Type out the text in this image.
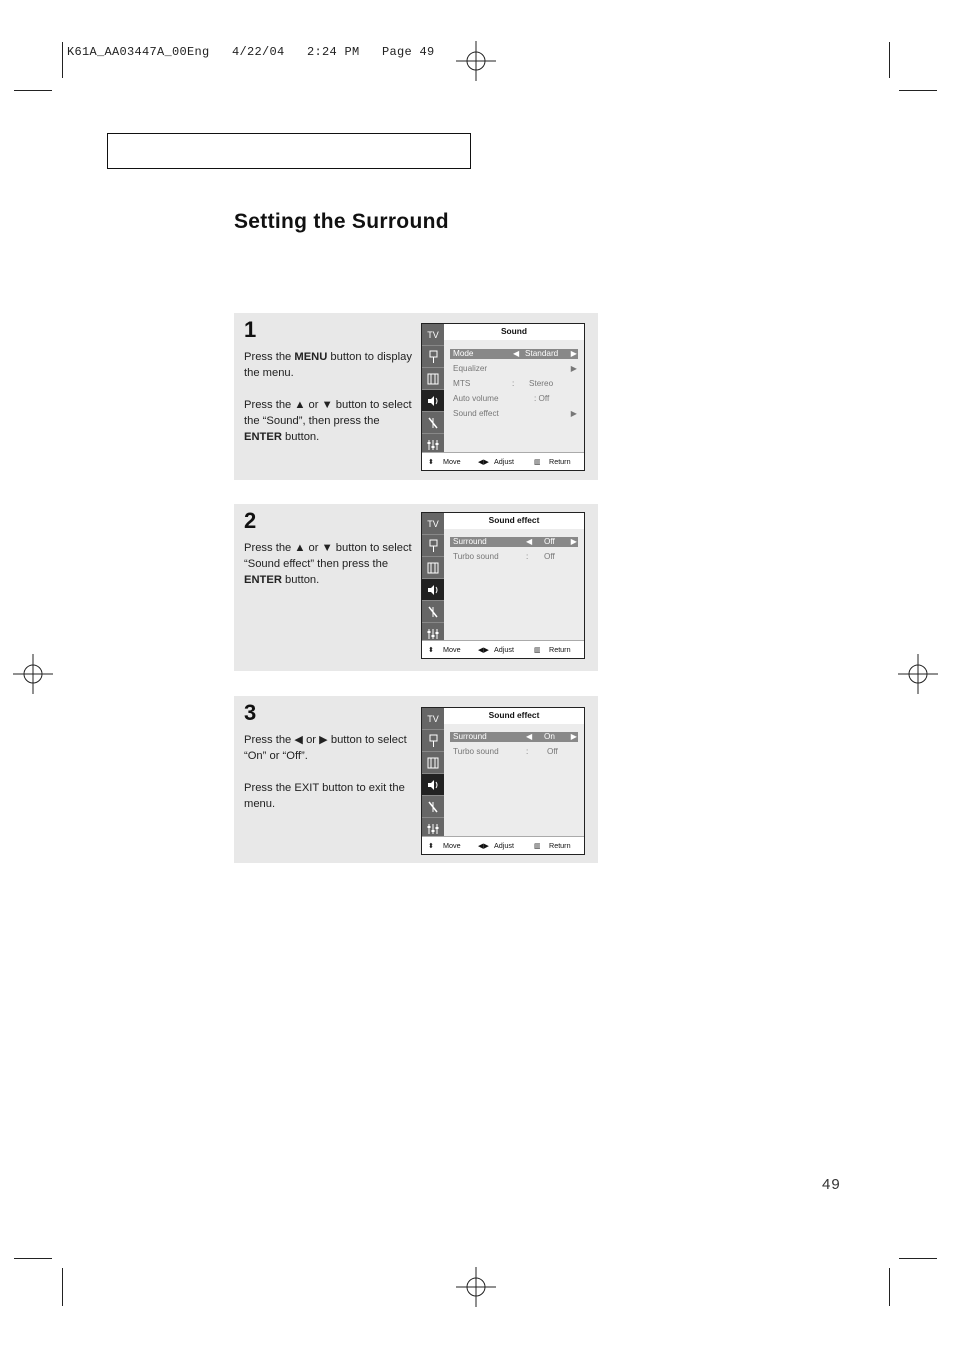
K61A_AA03447A_00Eng   4/22/04   2:24 PM   Page 49
Setting the Surround
1

Press the MENU button to display the menu.

Press the ▲ or ▼ button to select the “Sound”, then press the ENTER button.

TV	Sound
Mode	◀ Standard ▶
Equalizer	▶
MTS	: Stereo
Auto volume	: Off
Sound effect	▶
⬍ Move ◀▶ Adjust	▥ Return
2

Press the ▲ or ▼ button to select “Sound effect” then press the ENTER button.

TV	Sound effect
Surround	◀ Off ▶
Turbo sound	: Off
⬍ Move ◀▶ Adjust	▥ Return
3

Press the ◀ or ▶ button to select “On” or “Off”.

Press the EXIT button to exit the menu.

TV	Sound effect
Surround	◀ On ▶
Turbo sound	: Off
⬍ Move ◀▶ Adjust	▥ Return
49
